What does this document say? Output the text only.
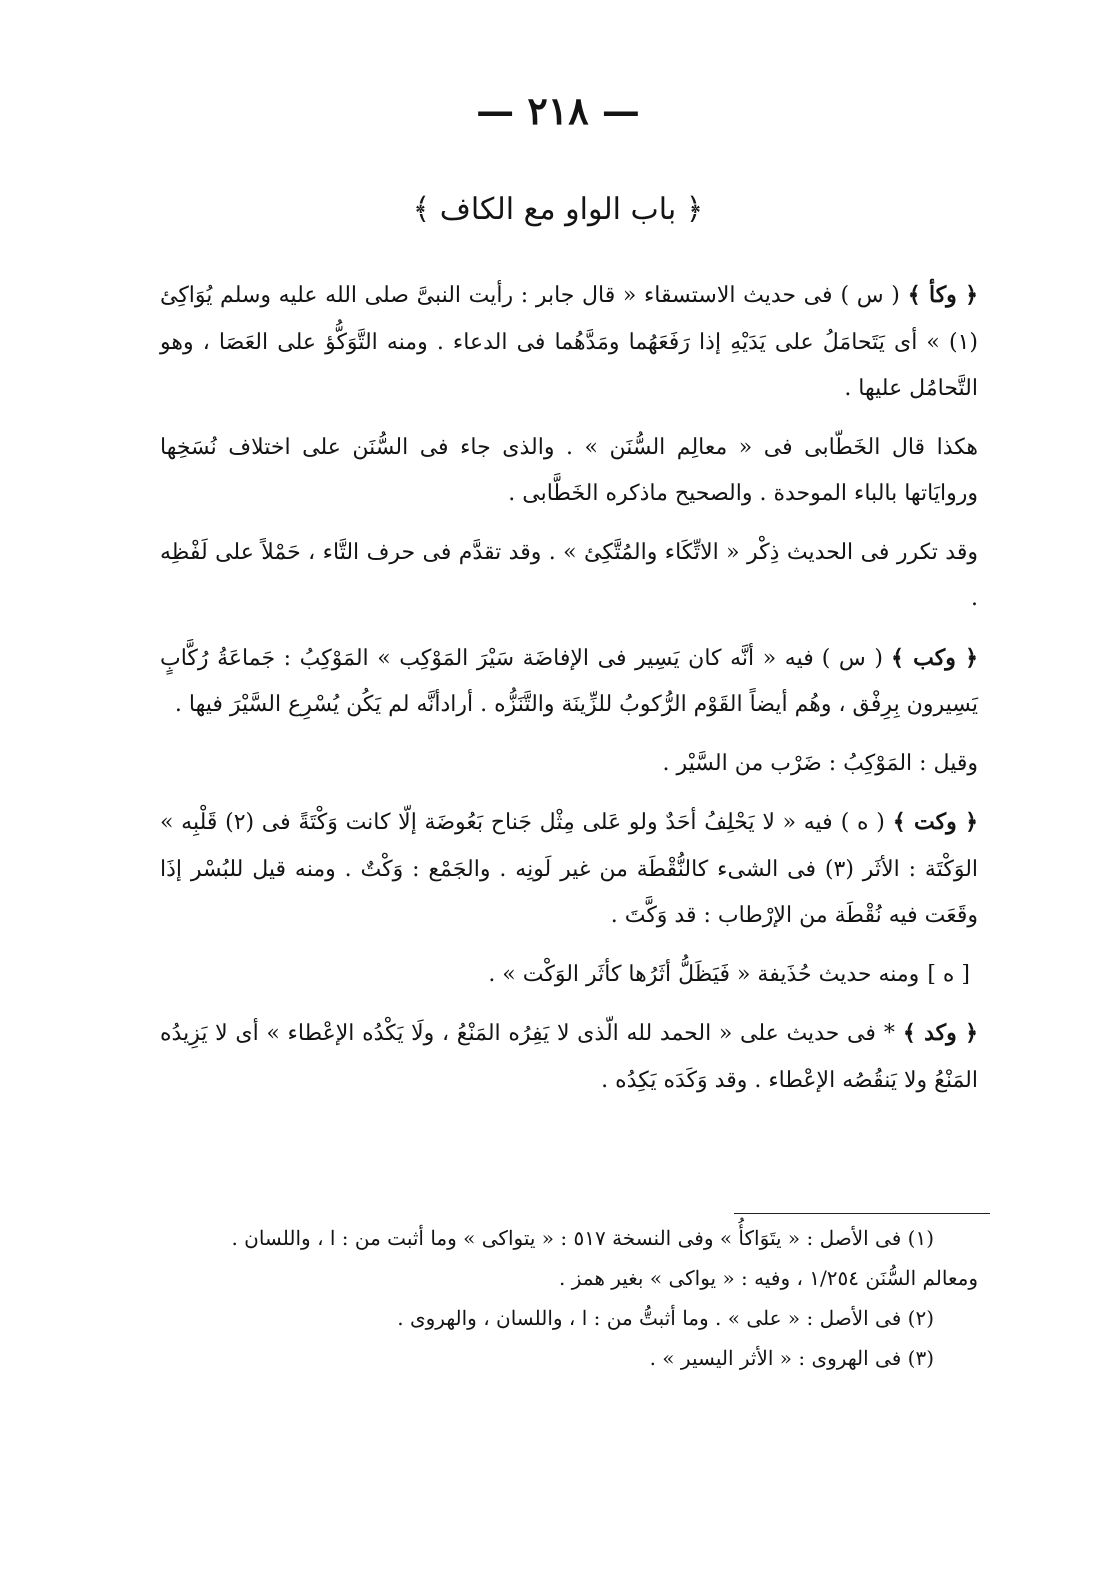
— ٢١٨ —
﴿ باب الواو مع الكاف ﴾

﴿ وكأ ﴾( س )فى حديث الاستسقاء « قال جابر : رأيت النبىَّ صلى الله عليه وسلم يُوَاكِئ (١) » أى يَتَحامَلُ على يَدَيْهِ إذا رَفَعَهُما ومَدَّهُما فى الدعاء . ومنه التَّوَكُّؤ على العَصَا ، وهو التَّحامُل عليها .

هكذا قال الخَطّابى فى « معالِم السُّنَن » . والذى جاء فى السُّنَن على اختلاف نُسَخِها وروايَاتها بالباء الموحدة . والصحيح ماذكره الخَطَّابى .

وقد تكرر فى الحديث ذِكْر « الاتِّكَاء والمُتَّكِئ » . وقد تقدَّم فى حرف التَّاء ، حَمْلاً على لَفْظِه .

﴿ وكب ﴾( س )فيه « أنَّه كان يَسِير فى الإفاضَة سَيْرَ المَوْكِب » المَوْكِبُ : جَماعَةُ رُكَّابٍ يَسِيرون بِرِفْق ، وهُم أيضاً القَوْم الرُّكوبُ للزِّينَة والتَّنَزُّه . أرادأنَّه لم يَكُن يُسْرِع السَّيْرَ فيها .

وقيل : المَوْكِبُ : ضَرْب من السَّيْر .

﴿ وكت ﴾( ه )فيه « لا يَحْلِفُ أحَدٌ ولو عَلى مِثْل جَناح بَعُوضَة إلّا كانت وَكْتَةً فى (٢) قَلْبِه » الوَكْتَة : الأثَر (٣) فى الشىء كالنُّقْطَة من غير لَونِه . والجَمْع : وَكْتٌ . ومنه قيل للبُسْر إذَا وقَعَت فيه نُقْطَة من الإرْطاب : قد وَكَّتَ .

[ ه ]ومنه حديث حُذَيفة « فَيَظَلُّ أثَرُها كأثَر الوَكْت » .

﴿ وكد ﴾*فى حديث على « الحمد لله الّذى لا يَفِرُه المَنْعُ ، ولَا يَكْدُه الإعْطاء » أى لا يَزِيدُه المَنْعُ ولا يَنقُصُه الإعْطاء . وقد وَكَدَه يَكِدُه .

(١) فى الأصل : « يتَوَاكأُ » وفى النسخة ٥١٧ : « يتواكى » وما أثبت من : ا ، واللسان .

ومعالم السُّنَن ١/٢٥٤ ، وفيه : « يواكى » بغير همز .

(٢) فى الأصل : « على » . وما أثبتُّ من : ا ، واللسان ، والهروى .

(٣) فى الهروى : « الأثر اليسير » .
